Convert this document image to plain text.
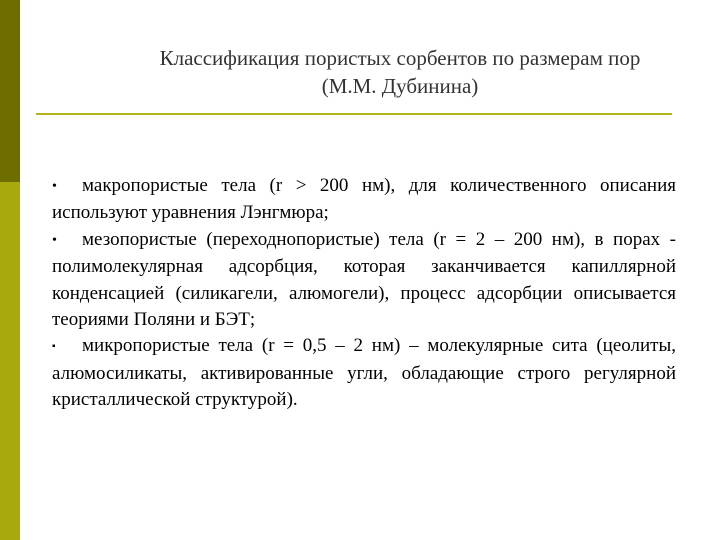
Классификация пористых сорбентов по размерам пор
(М.М. Дубинина)

• макропористые тела (r > 200 нм), для количественного описания используют уравнения Лэнгмюра;

• мезопористые (переходнопористые) тела (r = 2 – 200 нм), в порах - полимолекулярная адсорбция, которая заканчивается капиллярной конденсацией (силикагели, алюмогели), процесс адсорбции описывается теориями Поляни и БЭТ;

▪ микропористые тела (r = 0,5 – 2 нм) – молекулярные сита (цеолиты, алюмосиликаты, активированные угли, обладающие строго регулярной кристаллической структурой).
